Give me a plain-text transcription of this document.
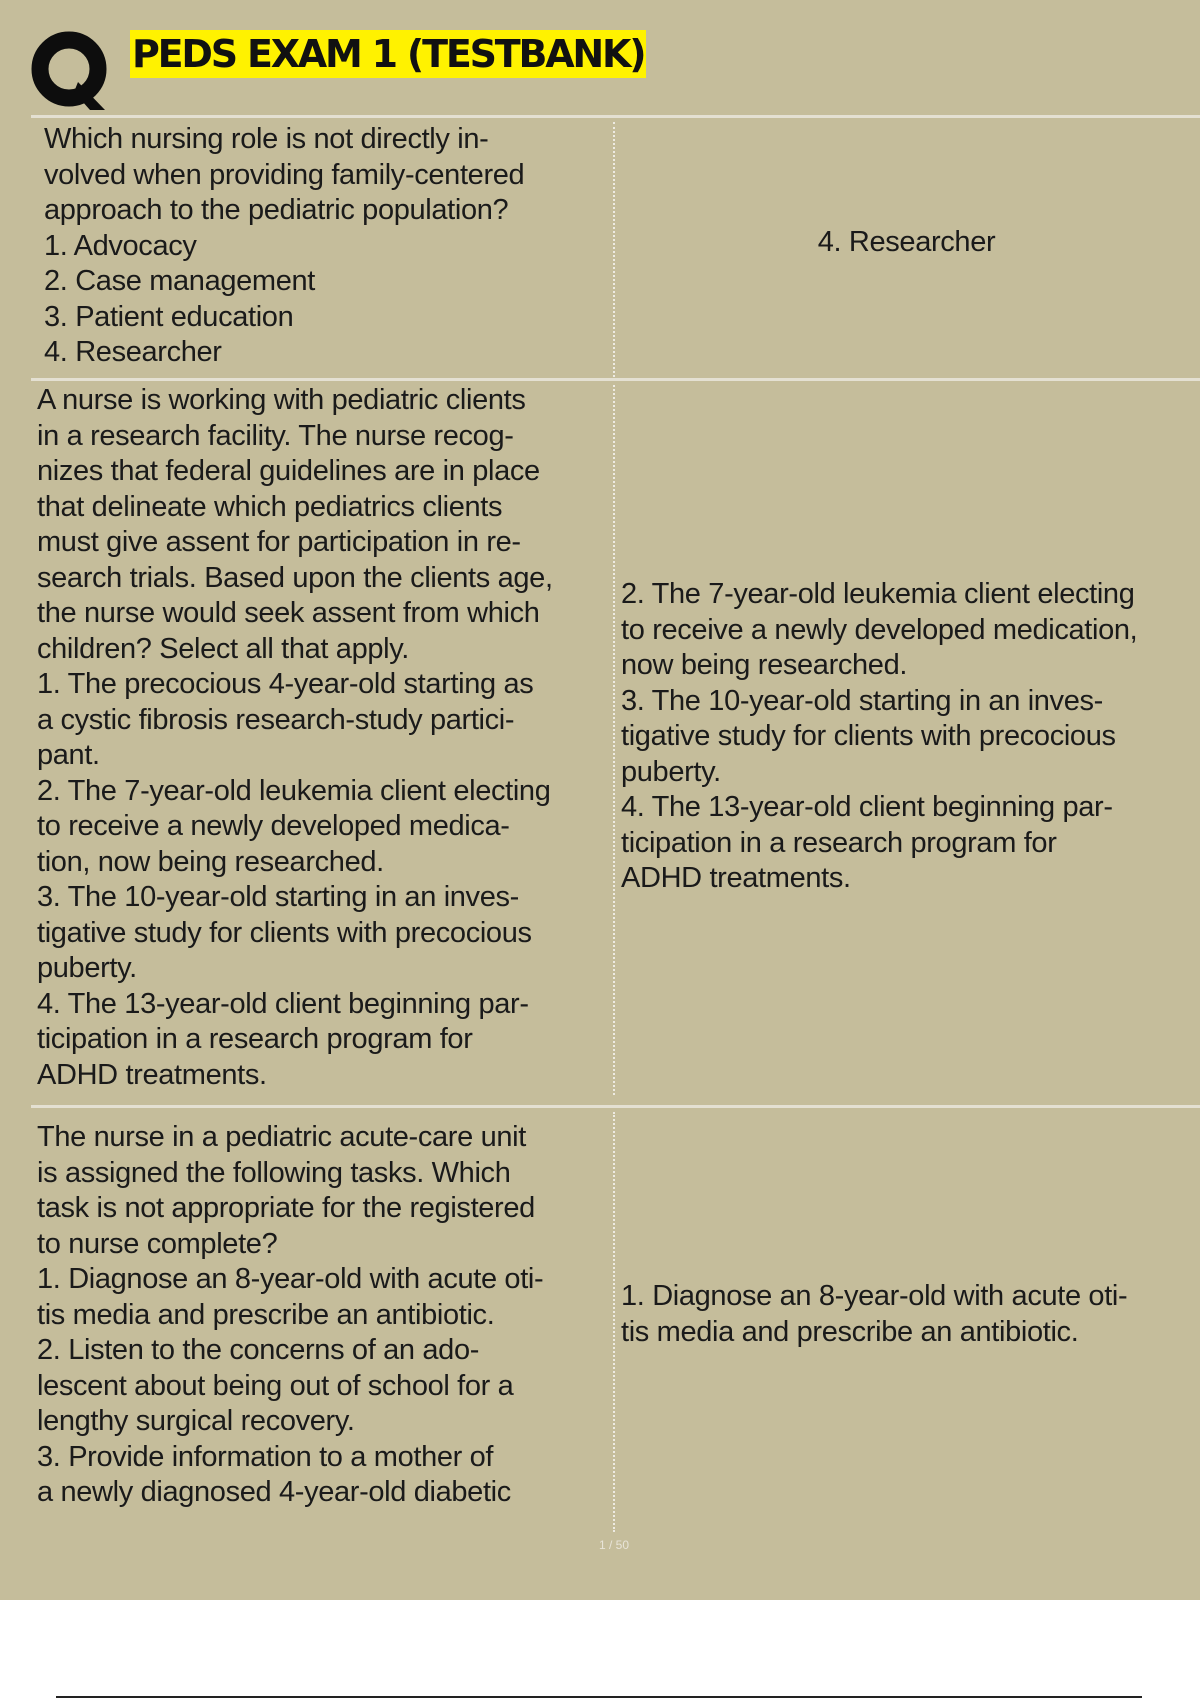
PEDS EXAM 1 (TESTBANK)
Which nursing role is not directly in-
volved when providing family-centered
approach to the pediatric population?
1. Advocacy
2. Case management
3. Patient education
4. Researcher
4. Researcher
A nurse is working with pediatric clients
in a research facility. The nurse recog-
nizes that federal guidelines are in place
that delineate which pediatrics clients
must give assent for participation in re-
search trials. Based upon the clients age,
the nurse would seek assent from which
children? Select all that apply.
1. The precocious 4-year-old starting as
a cystic fibrosis research-study partici-
pant.
2. The 7-year-old leukemia client electing
to receive a newly developed medica-
tion, now being researched.
3. The 10-year-old starting in an inves-
tigative study for clients with precocious
puberty.
4. The 13-year-old client beginning par-
ticipation in a research program for
ADHD treatments.
2. The 7-year-old leukemia client electing
to receive a newly developed medication,
now being researched.
3. The 10-year-old starting in an inves-
tigative study for clients with precocious
puberty.
4. The 13-year-old client beginning par-
ticipation in a research program for
ADHD treatments.
The nurse in a pediatric acute-care unit
is assigned the following tasks. Which
task is not appropriate for the registered
to nurse complete?
1. Diagnose an 8-year-old with acute oti-
tis media and prescribe an antibiotic.
2. Listen to the concerns of an ado-
lescent about being out of school for a
lengthy surgical recovery.
3. Provide information to a mother of
a newly diagnosed 4-year-old diabetic
1. Diagnose an 8-year-old with acute oti-
tis media and prescribe an antibiotic.
1 / 50
